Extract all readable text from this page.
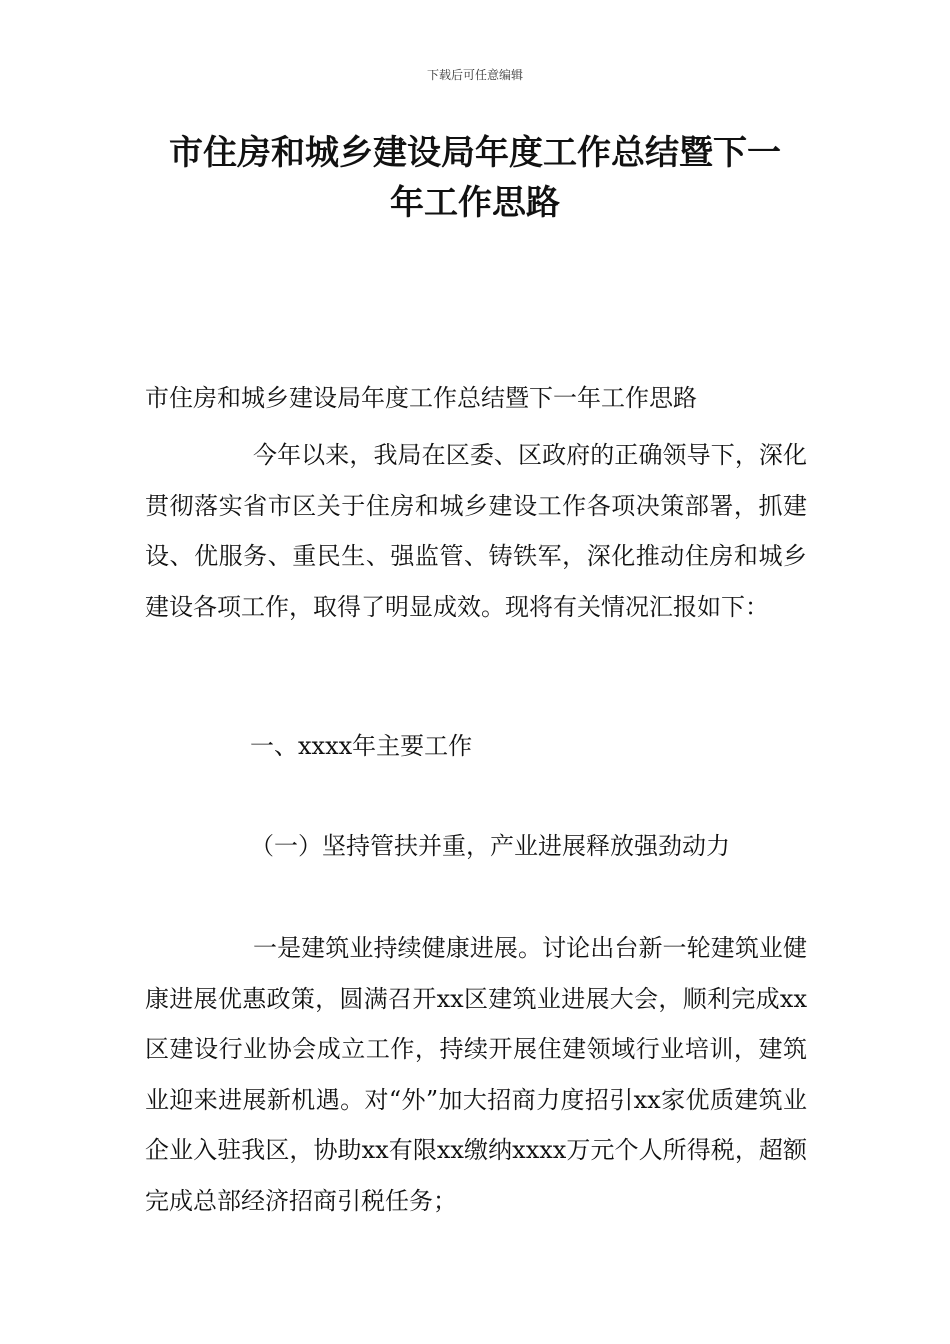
下载后可任意编辑
市住房和城乡建设局年度工作总结暨下一
年工作思路
市住房和城乡建设局年度工作总结暨下一年工作思路
今年以来，我局在区委、区政府的正确领导下，深化贯彻落实省市区关于住房和城乡建设工作各项决策部署，抓建设、优服务、重民生、强监管、铸铁军，深化推动住房和城乡建设各项工作，取得了明显成效。现将有关情况汇报如下：
一、xxxx年主要工作
（一）坚持管扶并重，产业进展释放强劲动力
一是建筑业持续健康进展。讨论出台新一轮建筑业健康进展优惠政策，圆满召开xx区建筑业进展大会，顺利完成xx区建设行业协会成立工作，持续开展住建领域行业培训，建筑业迎来进展新机遇。对“外”加大招商力度招引xx家优质建筑业企业入驻我区，协助xx有限xx缴纳xxxx万元个人所得税，超额完成总部经济招商引税任务；
